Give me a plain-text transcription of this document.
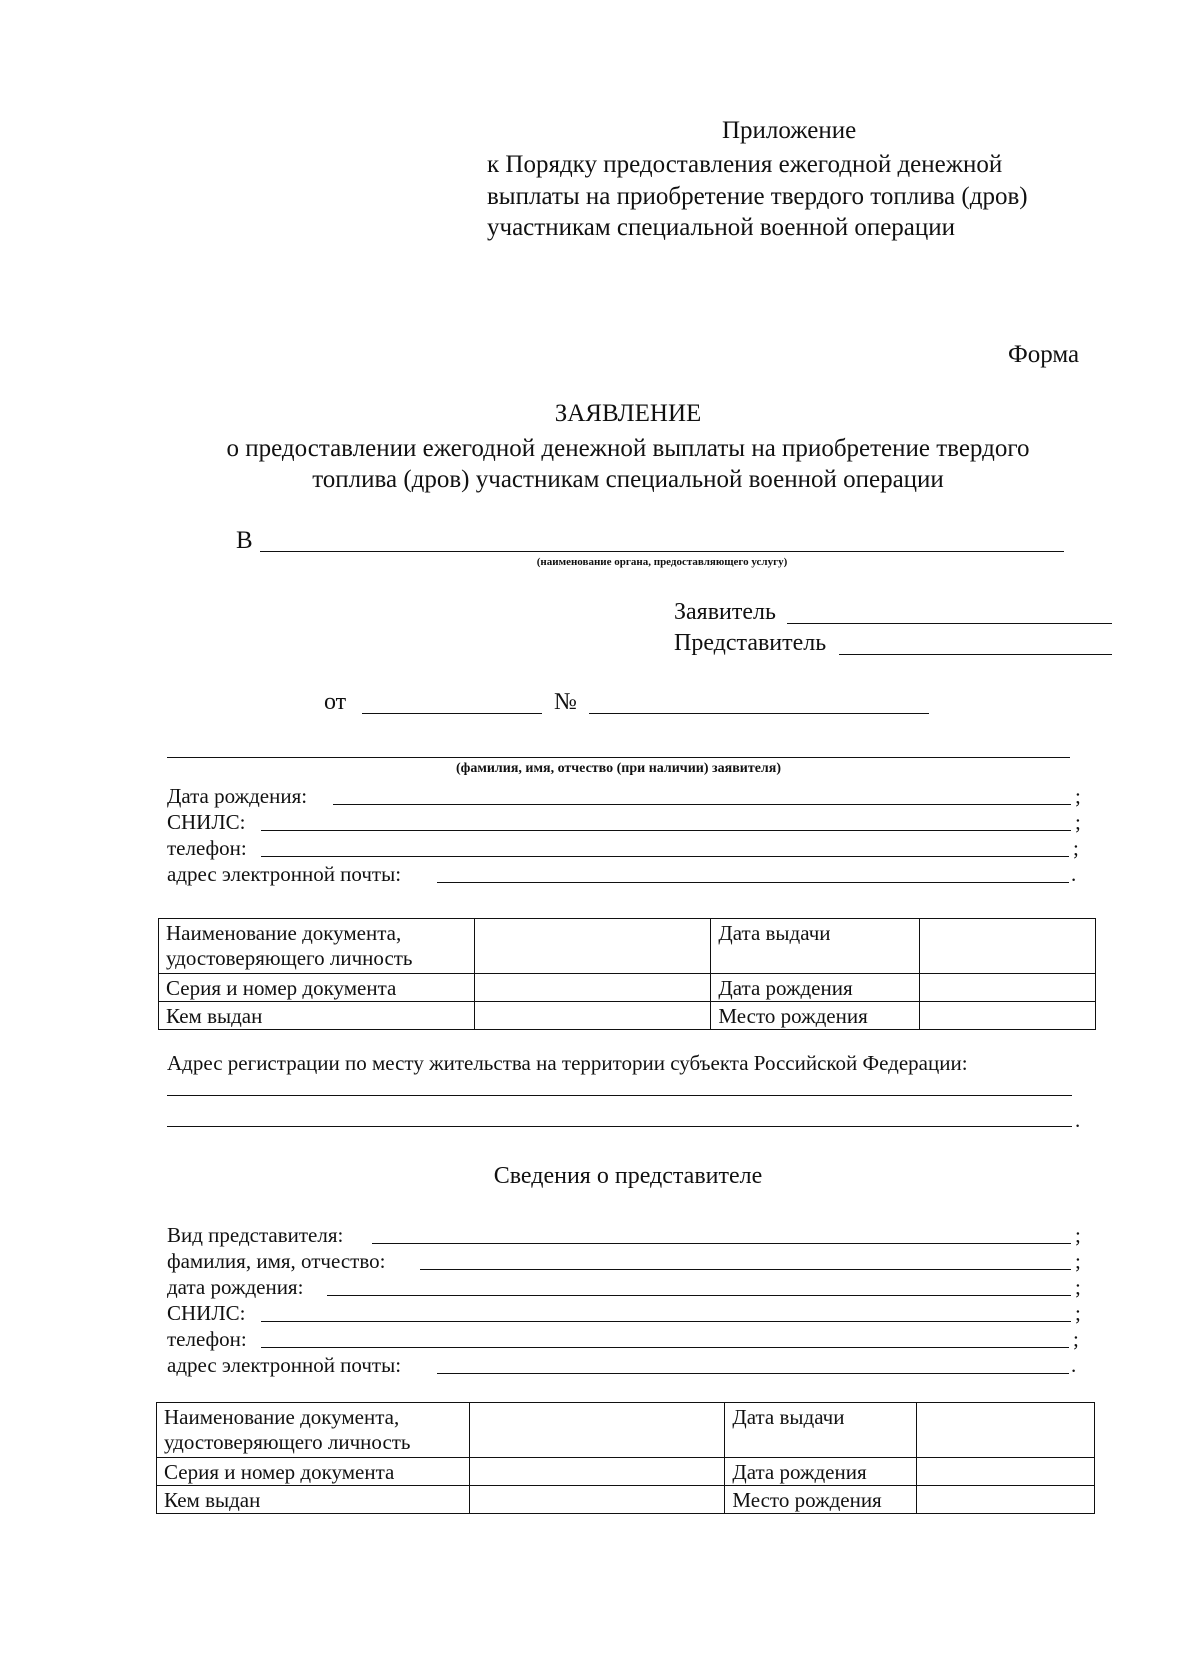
Приложение
к Порядку предоставления ежегодной денежной
выплаты на приобретение твердого топлива (дров)
участникам специальной военной операции
Форма
ЗАЯВЛЕНИЕ
о предоставлении ежегодной денежной выплаты на приобретение твердого
топлива (дров) участникам специальной военной операции
В
(наименование органа, предоставляющего услугу)
Заявитель
Представитель
от	№
(фамилия, имя, отчество (при наличии) заявителя)
Дата рождения:	;
СНИЛС:	;
телефон:	;
адрес электронной почты:	.
Наименование документа, удостоверяющего личность		Дата выдачи	
Серия и номер документа		Дата рождения	
Кем выдан		Место рождения	
Адрес регистрации по месту жительства на территории субъекта Российской Федерации:
.
Сведения о представителе
Вид представителя:	;
фамилия, имя, отчество:	;
дата рождения:	;
СНИЛС:	;
телефон:	;
адрес электронной почты:	.
Наименование документа, удостоверяющего личность		Дата выдачи	
Серия и номер документа		Дата рождения	
Кем выдан		Место рождения	
